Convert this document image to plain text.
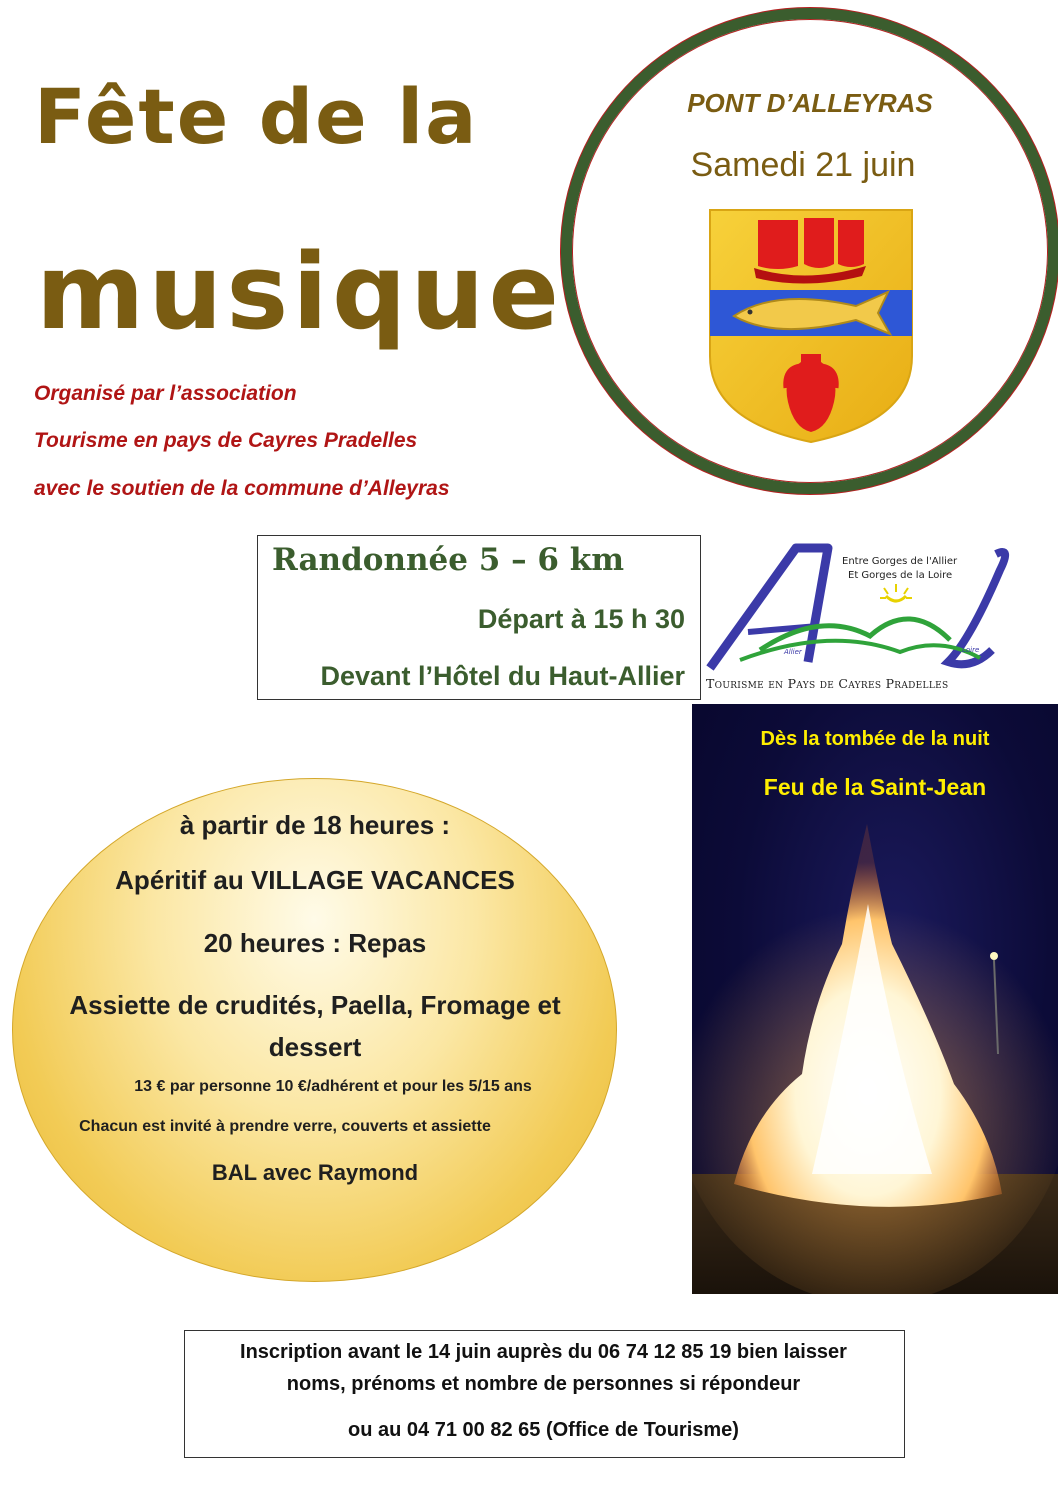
Fête de la
musique
Organisé par l’association
Tourisme en pays de Cayres Pradelles
avec le soutien de la commune d’Alleyras
PONT D’ALLEYRAS
Samedi 21 juin
Randonnée 5 – 6 km
Départ à 15 h 30
Devant l’Hôtel du Haut-Allier
Entre Gorges de l'Allier
Et Gorges de la Loire
Allier	Loire
Tourisme en Pays de Cayres Pradelles
Dès la tombée de la nuit
Feu de la Saint-Jean
à partir de 18 heures :
Apéritif au VILLAGE VACANCES
20 heures : Repas
Assiette de crudités, Paella, Fromage et dessert
13 € par personne 10 €/adhérent et pour les 5/15 ans
Chacun est invité à prendre verre, couverts et assiette
BAL avec Raymond
Inscription avant le 14 juin auprès du 06 74 12 85 19 bien laisser
noms, prénoms et nombre de personnes si répondeur
ou au 04 71 00 82 65 (Office de Tourisme)
